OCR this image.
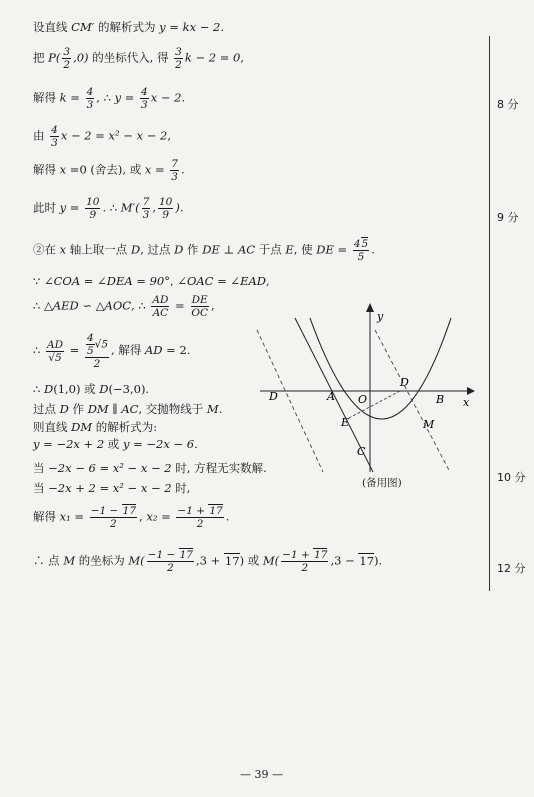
设直线 CM′ 的解析式为 y = kx − 2.
把 $P( \frac{3}{2} ,0)$ 的坐标代入, 得 $\frac{3}{2}$ k − 2 = 0,
解得 $k = \frac{4}{3}$ , ∴ $y = \frac{4}{3}$ x − 2.	8 分
由 $\frac{4}{3}$ x − 2 = x² − x − 2,
解得 x =0 (舍去), 或 $x = \frac{7}{3}$ .
此时 $y = \frac{10}{9}$ . ∴ $M'( \frac{7}{3}$ , $\frac{10}{9}$ ).
9 分
②在 x 轴上取一点 D, 过点 D 作 DE ⊥ AC 于点 E, 使 DE = $\frac{45}{5}$ .
∵ ∠COA = ∠DEA = 90°, ∠OAC = ∠EAD,
∴ △AED ∽ △AOC, ∴ $\frac{AD}{AC} = \frac{DE}{OC}$ ,
∴ $\frac{AD}{√5} = \frac{\frac{4}{5} √5}{2}$ , 解得 AD = 2.
∴ D(1,0) 或 D(−3,0).
过点 D 作 DM ∥ AC, 交抛物线于 M.
则直线 DM 的解析式为:
y = −2x + 2 或 y = −2x − 6.
当 −2x − 6 = x² − x − 2 时, 方程无实数解.
当 −2x + 2 = x² − x − 2 时,
10 分
解得 $x_1 = \frac{-1 - 17}{2}$ , $x_2 = \frac{-1 + 17}{2}$ .
∴ 点 M 的坐标为 $M( \frac{-1 - 17}{2} ,3 + 17)$ 或 $M( \frac{-1 + 17}{2} ,3 - 17)$.
12 分
y
x
O
A	B
C
D
D
E	M
(备用图)
— 39 —
